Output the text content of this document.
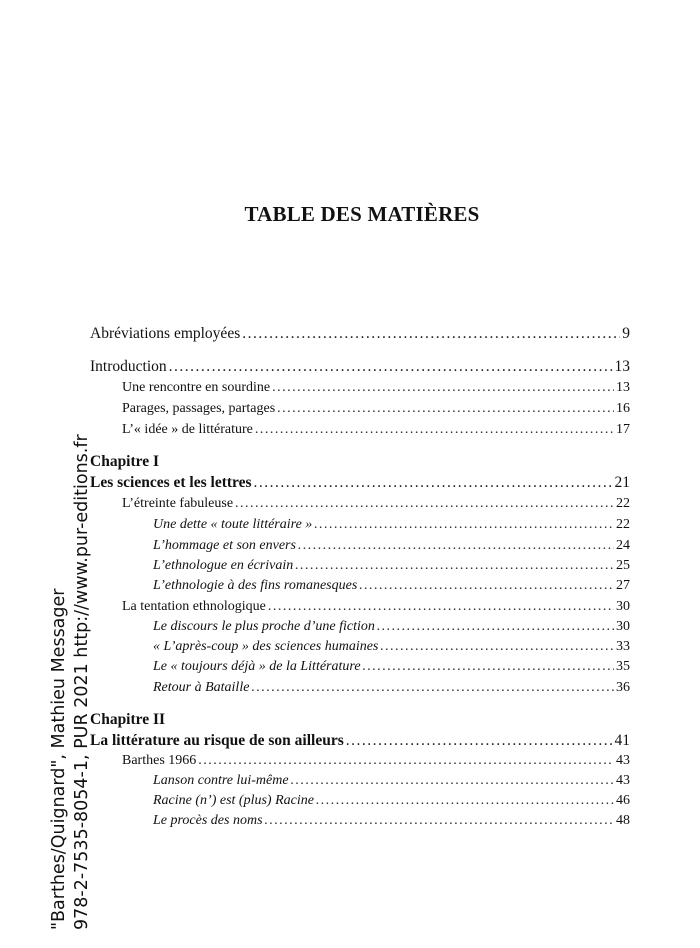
TABLE DES MATIÈRES
Abréviations employées .....	9
Introduction .....	13
Une rencontre en sourdine .....	13
Parages, passages, partages .....	16
L’« idée » de littérature .....	17
Chapitre I
Les sciences et les lettres .....	21
L’étreinte fabuleuse .....	22
Une dette « toute littéraire » .....	22
L’hommage et son envers .....	24
L’ethnologue en écrivain .....	25
L’ethnologie à des fins romanesques .....	27
La tentation ethnologique .....	30
Le discours le plus proche d’une fiction .....	30
« L’après-coup » des sciences humaines .....	33
Le « toujours déjà » de la Littérature .....	35
Retour à Bataille .....	36
Chapitre II
La littérature au risque de son ailleurs .....	41
Barthes 1966 .....	43
Lanson contre lui-même .....	43
Racine (n’) est (plus) Racine .....	46
Le procès des noms .....	48
"Barthes/Quignard", Mathieu Messager 978-2-7535-8054-1, PUR 2021 http://www.pur-editions.fr
